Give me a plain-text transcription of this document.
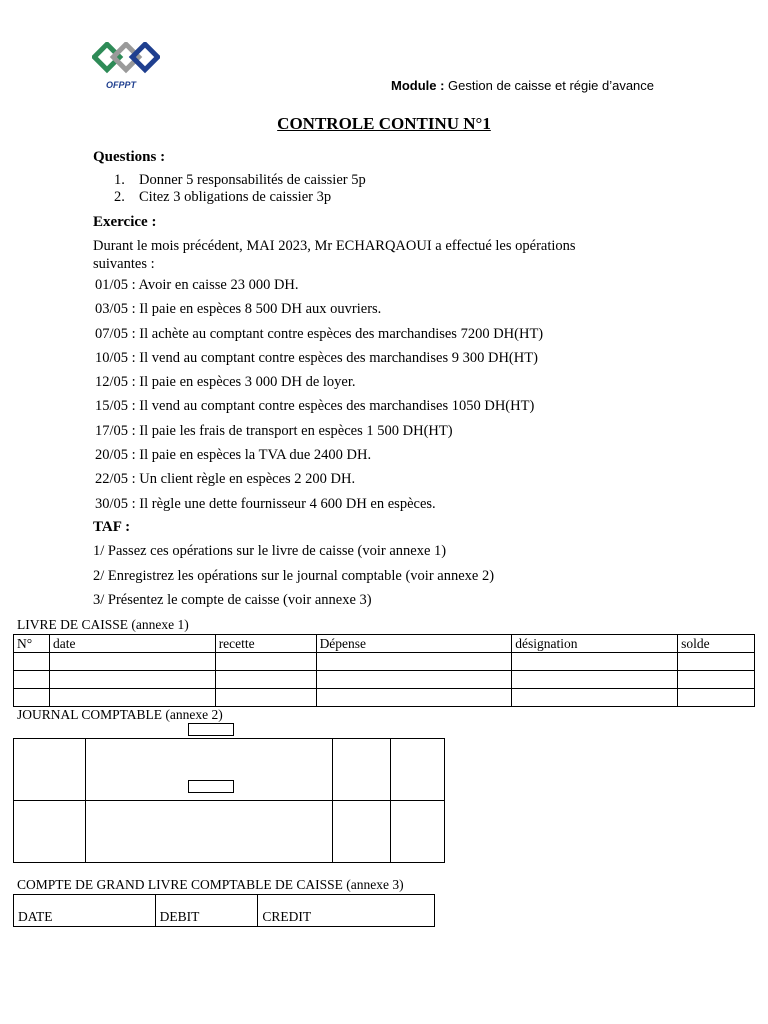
OFPPT	Module : Gestion de caisse et régie d’avance
CONTROLE CONTINU N°1
Questions :
1. Donner 5 responsabilités de caissier 5p
2. Citez 3 obligations de caissier 3p
Exercice :
Durant le mois précédent, MAI 2023, Mr ECHARQAOUI a effectué les opérations
suivantes :
01/05 : Avoir en caisse 23 000 DH.
03/05 : Il paie en espèces 8 500 DH aux ouvriers.
07/05 : Il achète au comptant contre espèces des marchandises 7200 DH(HT)
10/05 : Il vend au comptant contre espèces des marchandises 9 300 DH(HT)
12/05 : Il paie en espèces 3 000 DH de loyer.
15/05 : Il vend au comptant contre espèces des marchandises 1050 DH(HT)
17/05 : Il paie les frais de transport en espèces 1 500 DH(HT)
20/05 : Il paie en espèces la TVA due 2400 DH.
22/05 : Un client règle en espèces 2 200 DH.
30/05 : Il règle une dette fournisseur 4 600 DH en espèces.
TAF :
1/ Passez ces opérations sur le livre de caisse (voir annexe 1)
2/ Enregistrez les opérations sur le journal comptable (voir annexe 2)
3/ Présentez le compte de caisse (voir annexe 3)
LIVRE DE CAISSE (annexe 1)
N°	date	recette	Dépense	désignation	solde

JOURNAL COMPTABLE (annexe 2)

COMPTE DE GRAND LIVRE COMPTABLE DE CAISSE (annexe 3)
DATE	DEBIT	CREDIT
